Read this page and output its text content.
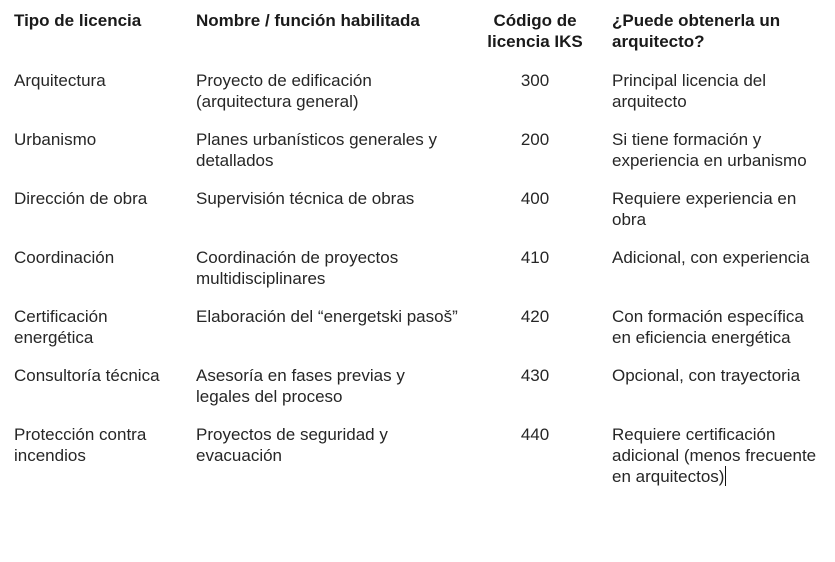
Tipo de licencia	Nombre / función habilitada	Código de licencia IKS	¿Puede obtenerla un arquitecto?
Arquitectura	Proyecto de edificación (arquitectura general)	300	Principal licencia del arquitecto
Urbanismo	Planes urbanísticos generales y detallados	200	Si tiene formación y experiencia en urbanismo
Dirección de obra	Supervisión técnica de obras	400	Requiere experiencia en obra
Coordinación	Coordinación de proyectos multidisciplinares	410	Adicional, con experiencia
Certificación energética	Elaboración del “energetski pasoš”	420	Con formación específica en eficiencia energética
Consultoría técnica	Asesoría en fases previas y legales del proceso	430	Opcional, con trayectoria
Protección contra incendios	Proyectos de seguridad y evacuación	440	Requiere certificación adicional (menos frecuente en arquitectos)
